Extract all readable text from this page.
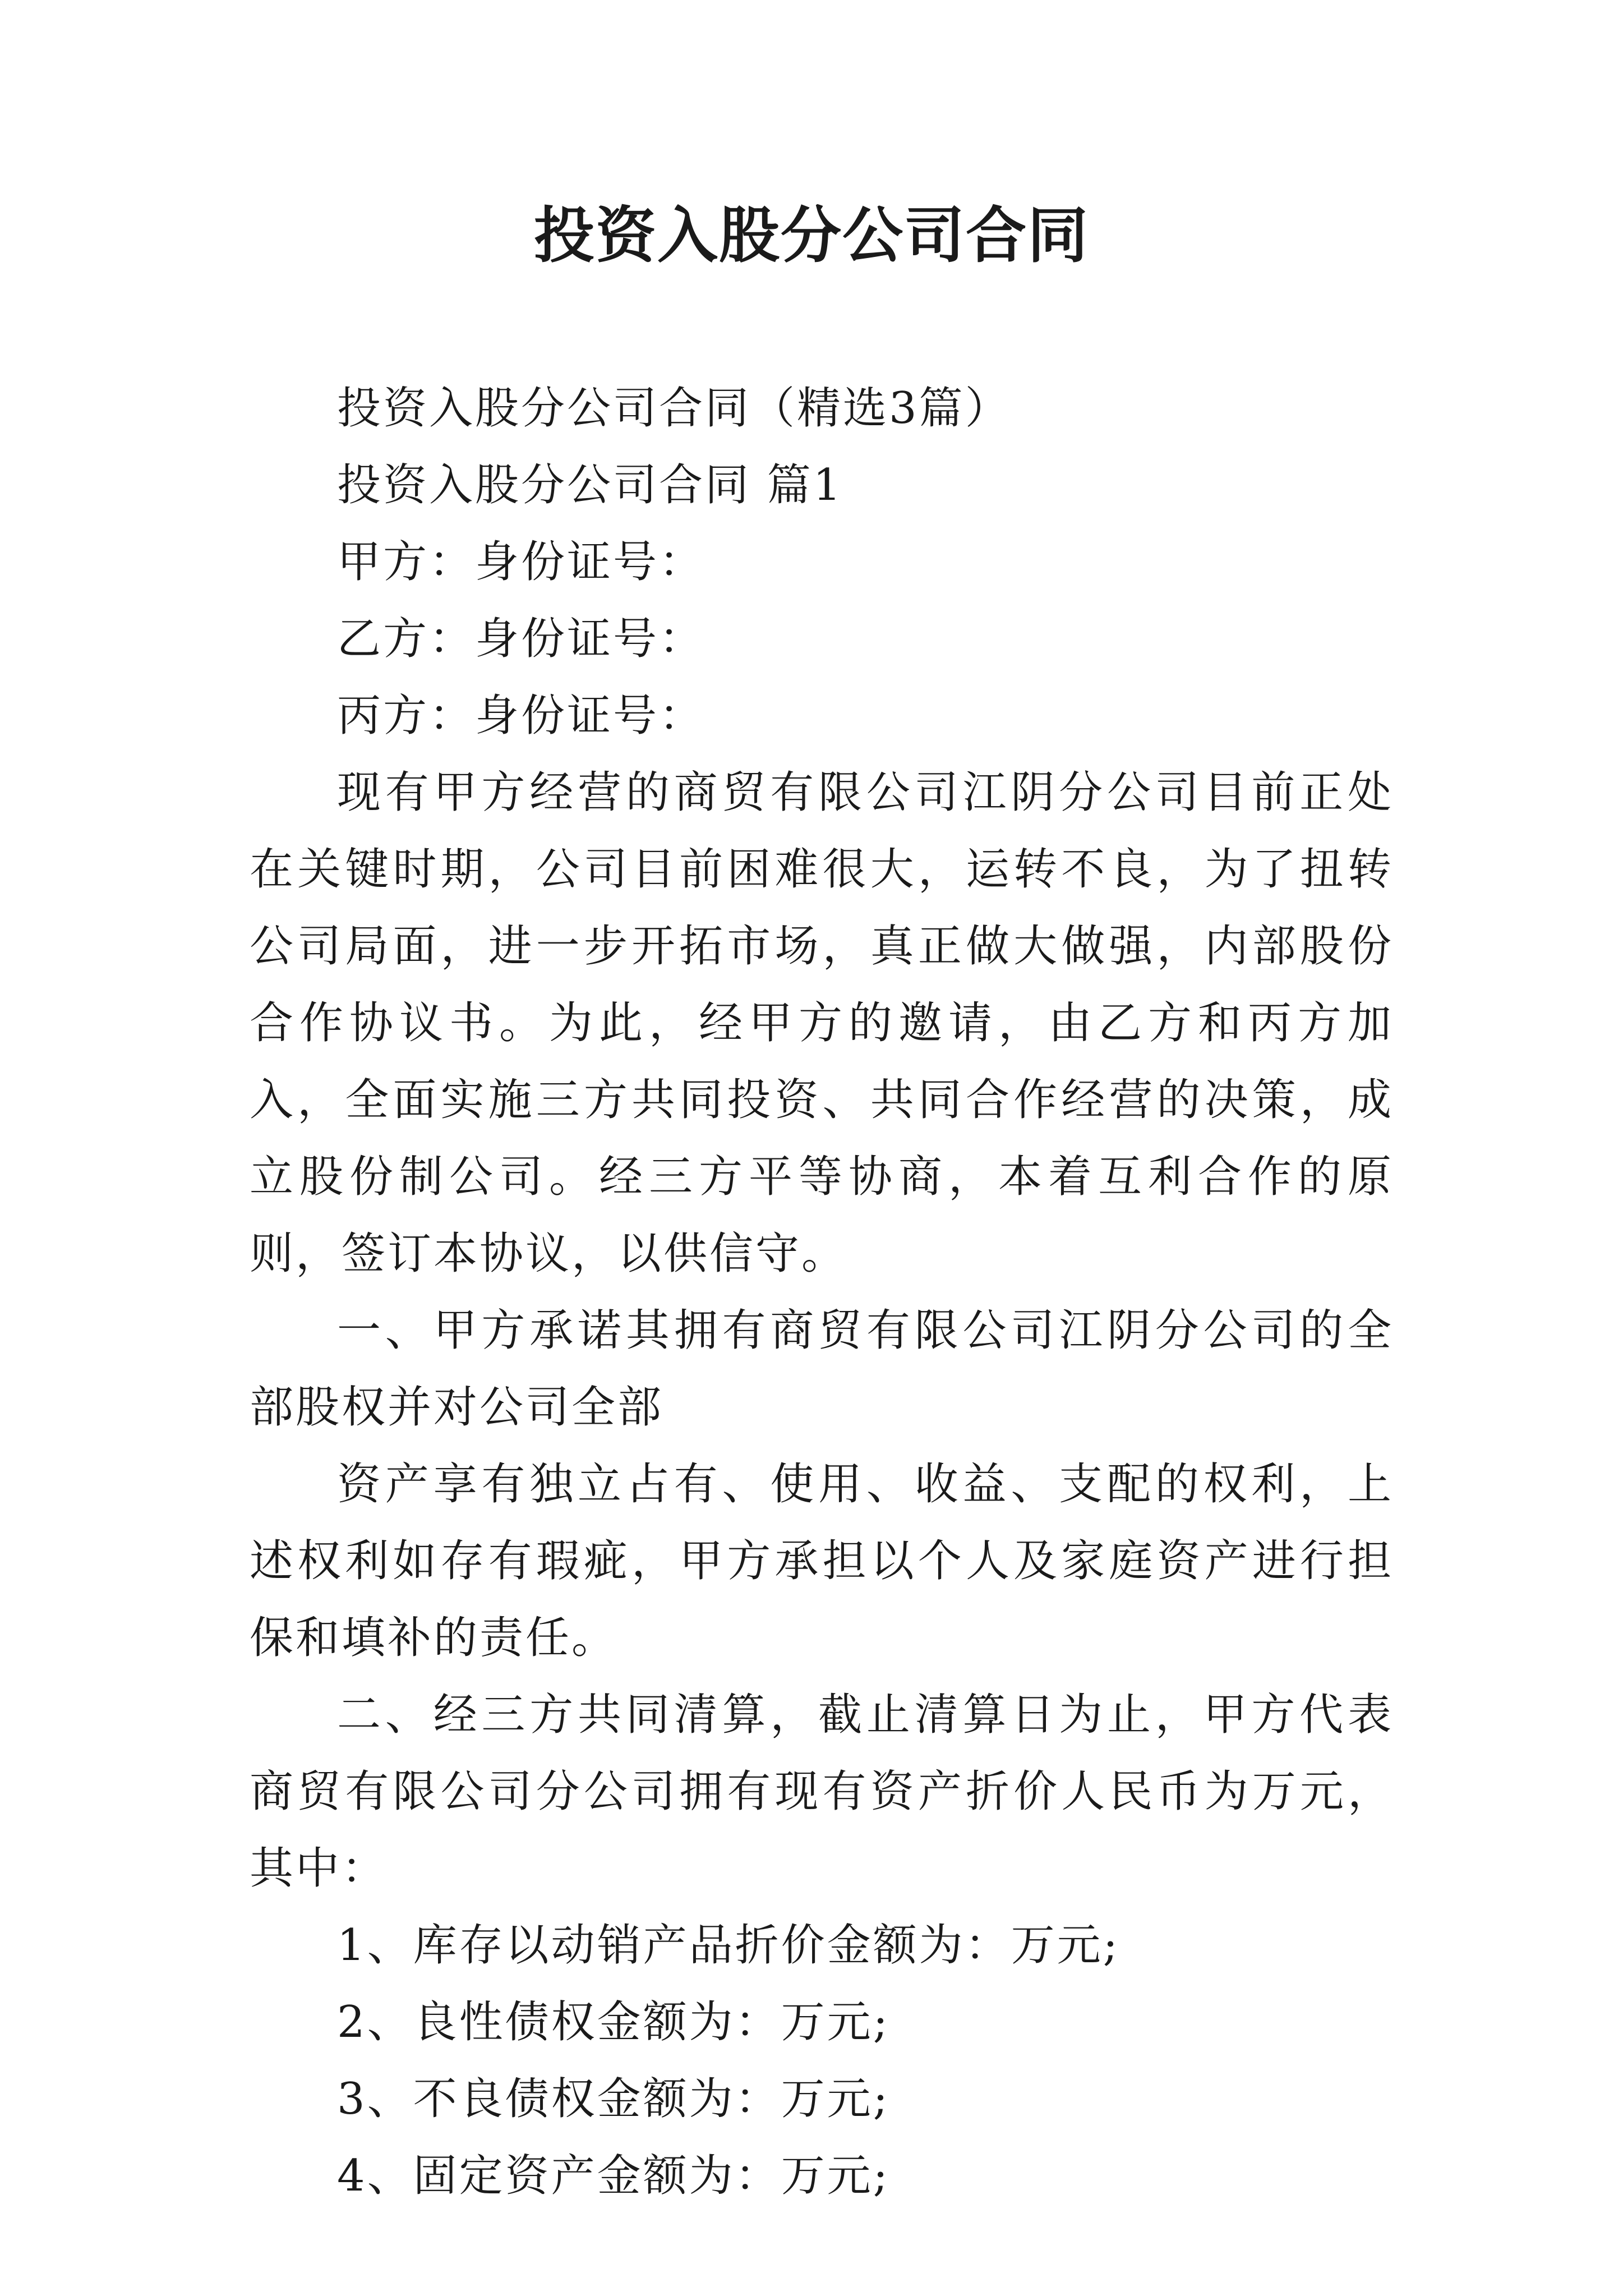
投资入股分公司合同

投资入股分公司合同（精选3篇）

投资入股分公司合同 篇1

甲方：身份证号：

乙方：身份证号：

丙方：身份证号：

现有甲方经营的商贸有限公司江阴分公司目前正处在关键时期，公司目前困难很大，运转不良，为了扭转公司局面，进一步开拓市场，真正做大做强，内部股份合作协议书。为此，经甲方的邀请，由乙方和丙方加入，全面实施三方共同投资、共同合作经营的决策，成立股份制公司。经三方平等协商，本着互利合作的原则，签订本协议，以供信守。

一、甲方承诺其拥有商贸有限公司江阴分公司的全部股权并对公司全部

资产享有独立占有、使用、收益、支配的权利，上述权利如存有瑕疵，甲方承担以个人及家庭资产进行担保和填补的责任。

二、经三方共同清算，截止清算日为止，甲方代表商贸有限公司分公司拥有现有资产折价人民币为万元，其中：

1、库存以动销产品折价金额为：万元;

2、良性债权金额为：万元;

3、不良债权金额为：万元;

4、固定资产金额为：万元;
